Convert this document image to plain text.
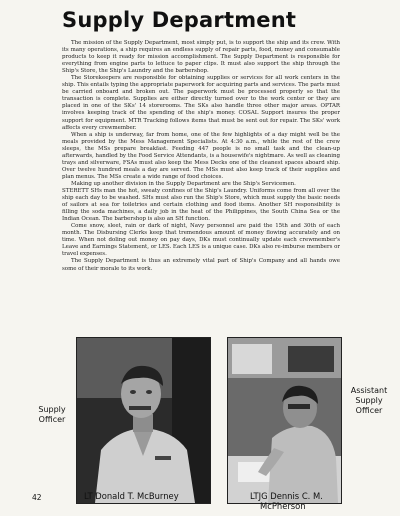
Supply Department

The mission of the Supply Department, most simply put, is to support the ship and its crew. With its many operations, a ship requires an endless supply of repair parts, food, money and consumable products to keep it ready for mission accomplishment. The Supply Department is responsible for everything from engine parts to lettuce to paper clips. It must also support the ship through the Ship's Store, the Ship's Laundry and the barbershop.

The Storekeepers are responsible for obtaining supplies or services for all work centers in the ship. This entails typing the appropriate paperwork for acquiring parts and services. The parts must be carried onboard and broken out. The paperwork must be processed properly so that the transaction is complete. Supplies are either directly turned over to the work center or they are placed in one of the SKs' 14 storerooms. The SKs also handle three other major areas. OPTAR involves keeping track of the spending of the ship's money. COSAL Support insures the proper support for equipment. MTR Tracking follows items that must be sent out for repair. The SKs' work affects every crewmember.

When a ship is underway, far from home, one of the few highlights of a day might well be the meals provided by the Mess Management Specialists. At 4:30 a.m., while the rest of the crew sleeps, the MSs prepare breakfast. Feeding 447 people is no small task and the clean-up afterwards, handled by the Food Service Attendants, is a housewife's nightmare. As well as cleaning trays and silverware, FSAs must also keep the Mess Decks one of the cleanest spaces aboard ship. Over twelve hundred meals a day are served. The MSs must also keep track of their supplies and plan menus. The MSs create a wide range of food choices.

Making up another division in the Supply Department are the Ship's Servicemen.

STERETT SHs man the hot, sweaty confines of the Ship's Laundry. Uniforms come from all over the ship each day to be washed. SHs must also run the Ship's Store, which must supply the basic needs of sailors at sea for toiletries and certain clothing and food items. Another SH responsibility is filling the soda machines, a daily job in the heat of the Philippines, the South China Sea or the Indian Ocean. The barbershop is also an SH function.

Come snow, sleet, rain or dark of night, Navy personnel are paid the 15th and 30th of each month. The Disbursing Clerks keep that tremendous amount of money flowing accurately and on time. When not doling out money on pay days, DKs must continually update each crewmember's Leave and Earnings Statement, or LES. Each LES is a unique case. DKs also re-imburse members or travel expenses.

The Supply Department is thus an extremely vital part of Ship's Company and all hands owe some of their morale to its work.

Supply Officer
Assistant Supply Officer
LT Donald T. McBurney	LTJG Dennis C. M.
McPherson
42
